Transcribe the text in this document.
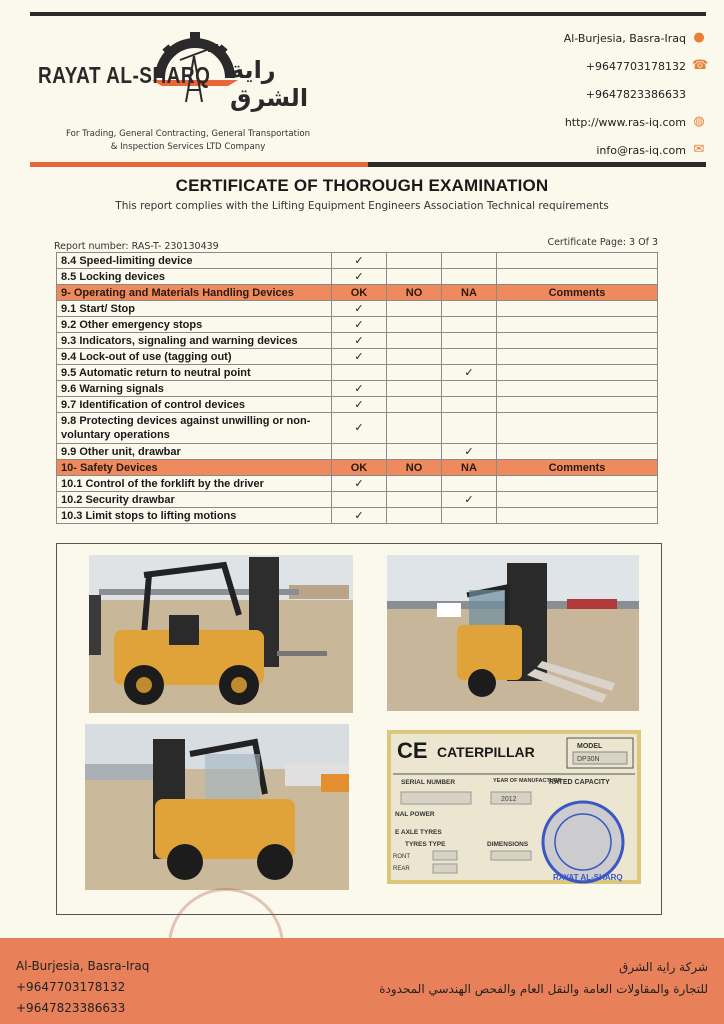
RAYAT AL-SHARQ راية الشرق
For Trading, General Contracting, General Transportation
& Inspection Services LTD Company
Al-Burjesia, Basra-Iraq ●
+9647703178132 ☎
+9647823386633
http://www.ras-iq.com ◍
info@ras-iq.com ✉
CERTIFICATE OF THOROUGH EXAMINATION
This report complies with the Lifting Equipment Engineers Association Technical requirements
Report number: RAS-T- 230130439	Certificate Page: 3 Of 3
8.4 Speed-limiting device	✓			
8.5 Locking devices	✓			
9- Operating and Materials Handling Devices	OK	NO	NA	Comments
9.1 Start/ Stop	✓			
9.2 Other emergency stops	✓			
9.3 Indicators, signaling and warning devices	✓			
9.4 Lock-out of use (tagging out)	✓			
9.5 Automatic return to neutral point			✓	
9.6 Warning signals	✓			
9.7 Identification of control devices	✓			
9.8 Protecting devices against unwilling or non-voluntary operations	✓			
9.9 Other unit, drawbar			✓	
10- Safety Devices	OK	NO	NA	Comments
10.1 Control of the forklift by the driver	✓			
10.2 Security drawbar			✓	
10.3 Limit stops to lifting motions	✓			
CE CATERPILLAR	MODEL
DP30N
SERIAL NUMBER	YEAR OF MANUFACTURE
RATED CAPACITY
2012
NAL POWER
E AXLE TYRES
TYRES TYPE	DIMENSIONS
RONT
REAR
RAYAT AL-SHARQ
Al-Burjesia, Basra-Iraq
+9647703178132
+9647823386633
شركة راية الشرق
للتجارة والمقاولات العامة والنقل العام والفحص الهندسي المحدودة
